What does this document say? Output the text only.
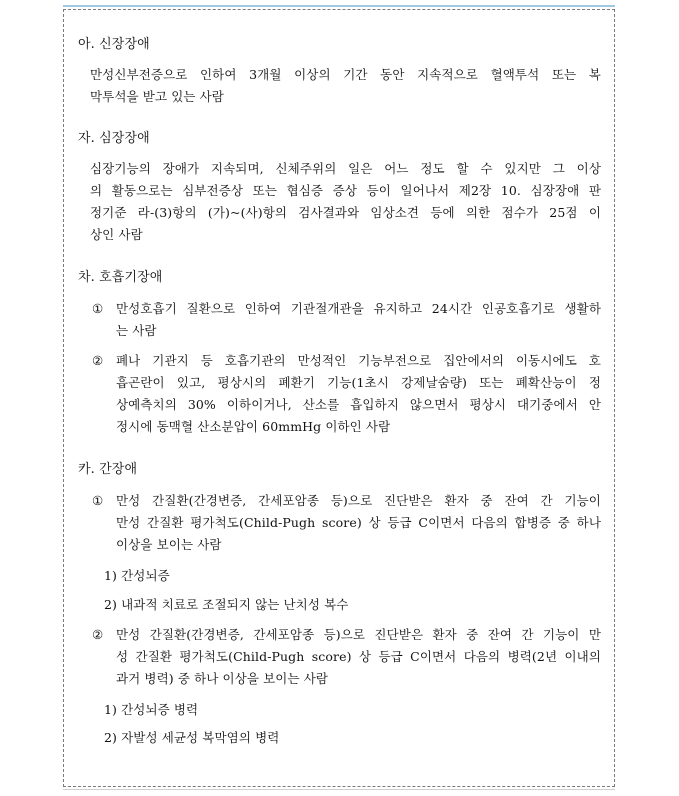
아. 신장장애
만성신부전증으로 인하여 3개월 이상의 기간 동안 지속적으로 혈액투석 또는 복
막투석을 받고 있는 사람
자. 심장장애
심장기능의 장애가 지속되며, 신체주위의 일은 어느 정도 할 수 있지만 그 이상
의 활동으로는 심부전증상 또는 협심증 증상 등이 일어나서 제2장 10. 심장장애 판
정기준 라-(3)항의 (가)~(사)항의 검사결과와 임상소견 등에 의한 점수가 25점 이
상인 사람
차. 호흡기장애
① 만성호흡기 질환으로 인하여 기관절개관을 유지하고 24시간 인공호흡기로 생활하
는 사람
② 폐나 기관지 등 호흡기관의 만성적인 기능부전으로 집안에서의 이동시에도 호
흡곤란이 있고, 평상시의 폐환기 기능(1초시 강제날숨량) 또는 폐확산능이 정
상예측치의 30% 이하이거나, 산소를 흡입하지 않으면서 평상시 대기중에서 안
정시에 동맥혈 산소분압이 60mmHg 이하인 사람
카. 간장애
① 만성 간질환(간경변증, 간세포암종 등)으로 진단받은 환자 중 잔여 간 기능이
만성 간질환 평가척도(Child-Pugh score) 상 등급 C이면서 다음의 합병증 중 하나
이상을 보이는 사람
1) 간성뇌증
2) 내과적 치료로 조절되지 않는 난치성 복수
② 만성 간질환(간경변증, 간세포암종 등)으로 진단받은 환자 중 잔여 간 기능이 만
성 간질환 평가척도(Child-Pugh score) 상 등급 C이면서 다음의 병력(2년 이내의
과거 병력) 중 하나 이상을 보이는 사람
1) 간성뇌증 병력
2) 자발성 세균성 복막염의 병력
